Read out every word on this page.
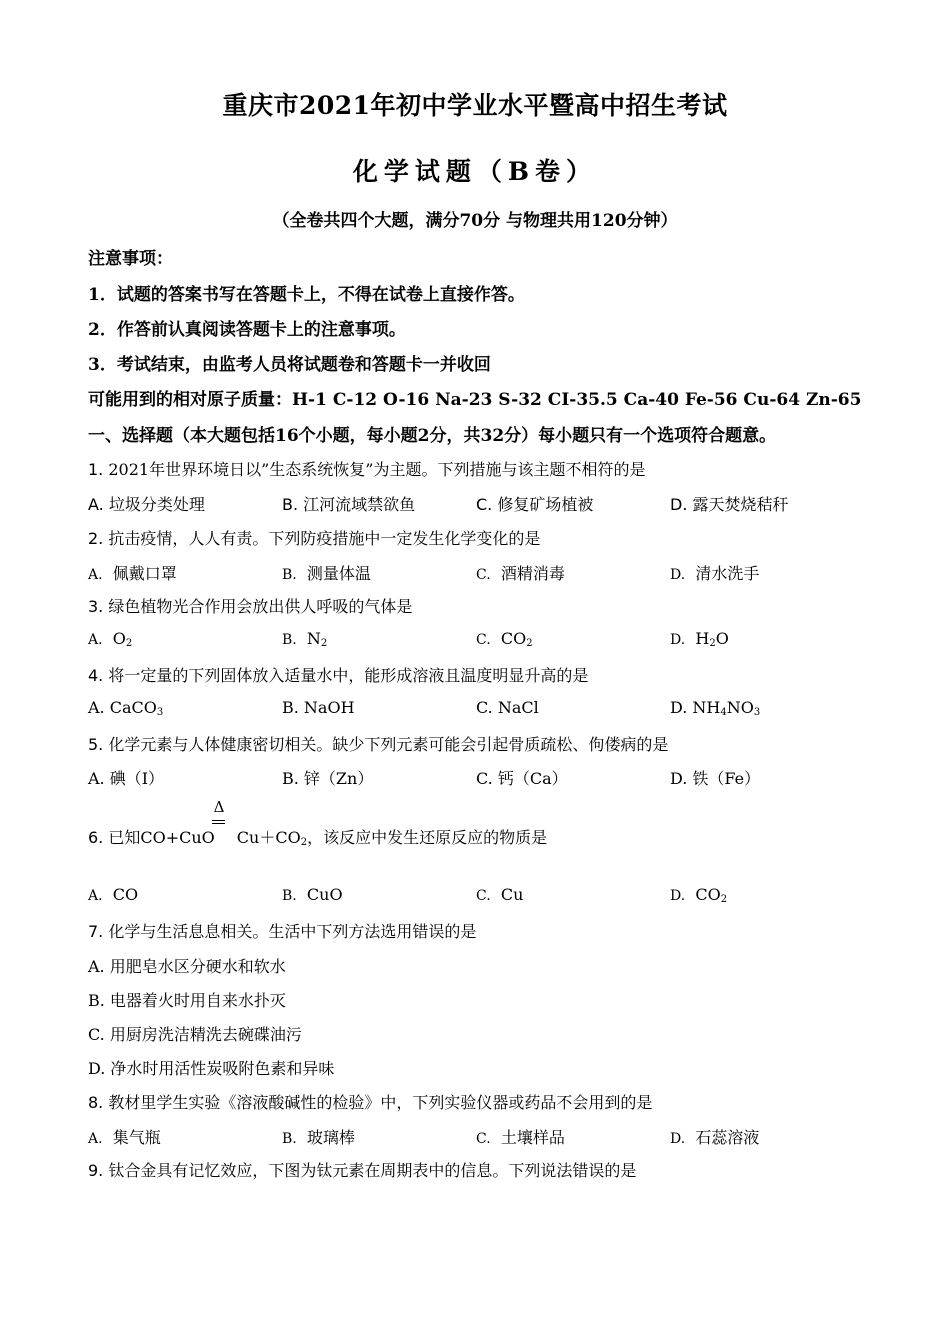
重庆市2021年初中学业水平暨高中招生考试
化学试题（B卷）
（全卷共四个大题，满分70分 与物理共用120分钟）
注意事项：
1．试题的答案书写在答题卡上，不得在试卷上直接作答。
2．作答前认真阅读答题卡上的注意事项。
3．考试结束，由监考人员将试题卷和答题卡一并收回
可能用到的相对原子质量：H-1 C-12 O-16 Na-23 S-32 CI-35.5 Ca-40 Fe-56 Cu-64 Zn-65
一、选择题（本大题包括16个小题，每小题2分，共32分）每小题只有一个选项符合题意。
1. 2021年世界环境日以”生态系统恢复”为主题。下列措施与该主题不相符的是
A. 垃圾分类处理	B. 江河流域禁欲鱼	C. 修复矿场植被	D. 露天焚烧秸秆
2. 抗击疫情，人人有责。下列防疫措施中一定发生化学变化的是
A. 佩戴口罩	B. 测量体温	C. 酒精消毒	D. 清水洗手
3. 绿色植物光合作用会放出供人呼吸的气体是
A. $O_2$	B. $N_2$	C. $CO_2$	D. $H_2O$
4. 将一定量的下列固体放入适量水中，能形成溶液且温度明显升高的是
A. CaCO$_3$	B. NaOH	C. NaCl	D. $NH_4NO_3$
5. 化学元素与人体健康密切相关。缺少下列元素可能会引起骨质疏松、佝偻病的是
A. 碘（I）	B. 锌（Zn）	C. 钙（Ca）	D. 铁（Fe）
Δ
6. 已知CO+CuO $Cu+CO_2$，该反应中发生还原反应的物质是
A. CO	B. CuO	C. Cu	D. $CO_2$
7. 化学与生活息息相关。生活中下列方法选用错误的是
A. 用肥皂水区分硬水和软水
B. 电器着火时用自来水扑灭
C. 用厨房洗洁精洗去碗碟油污
D. 净水时用活性炭吸附色素和异味
8. 教材里学生实验《溶液酸碱性的检验》中，下列实验仪器或药品不会用到的是
A. 集气瓶	B. 玻璃棒	C. 土壤样品	D. 石蕊溶液
9. 钛合金具有记忆效应，下图为钛元素在周期表中的信息。下列说法错误的是
